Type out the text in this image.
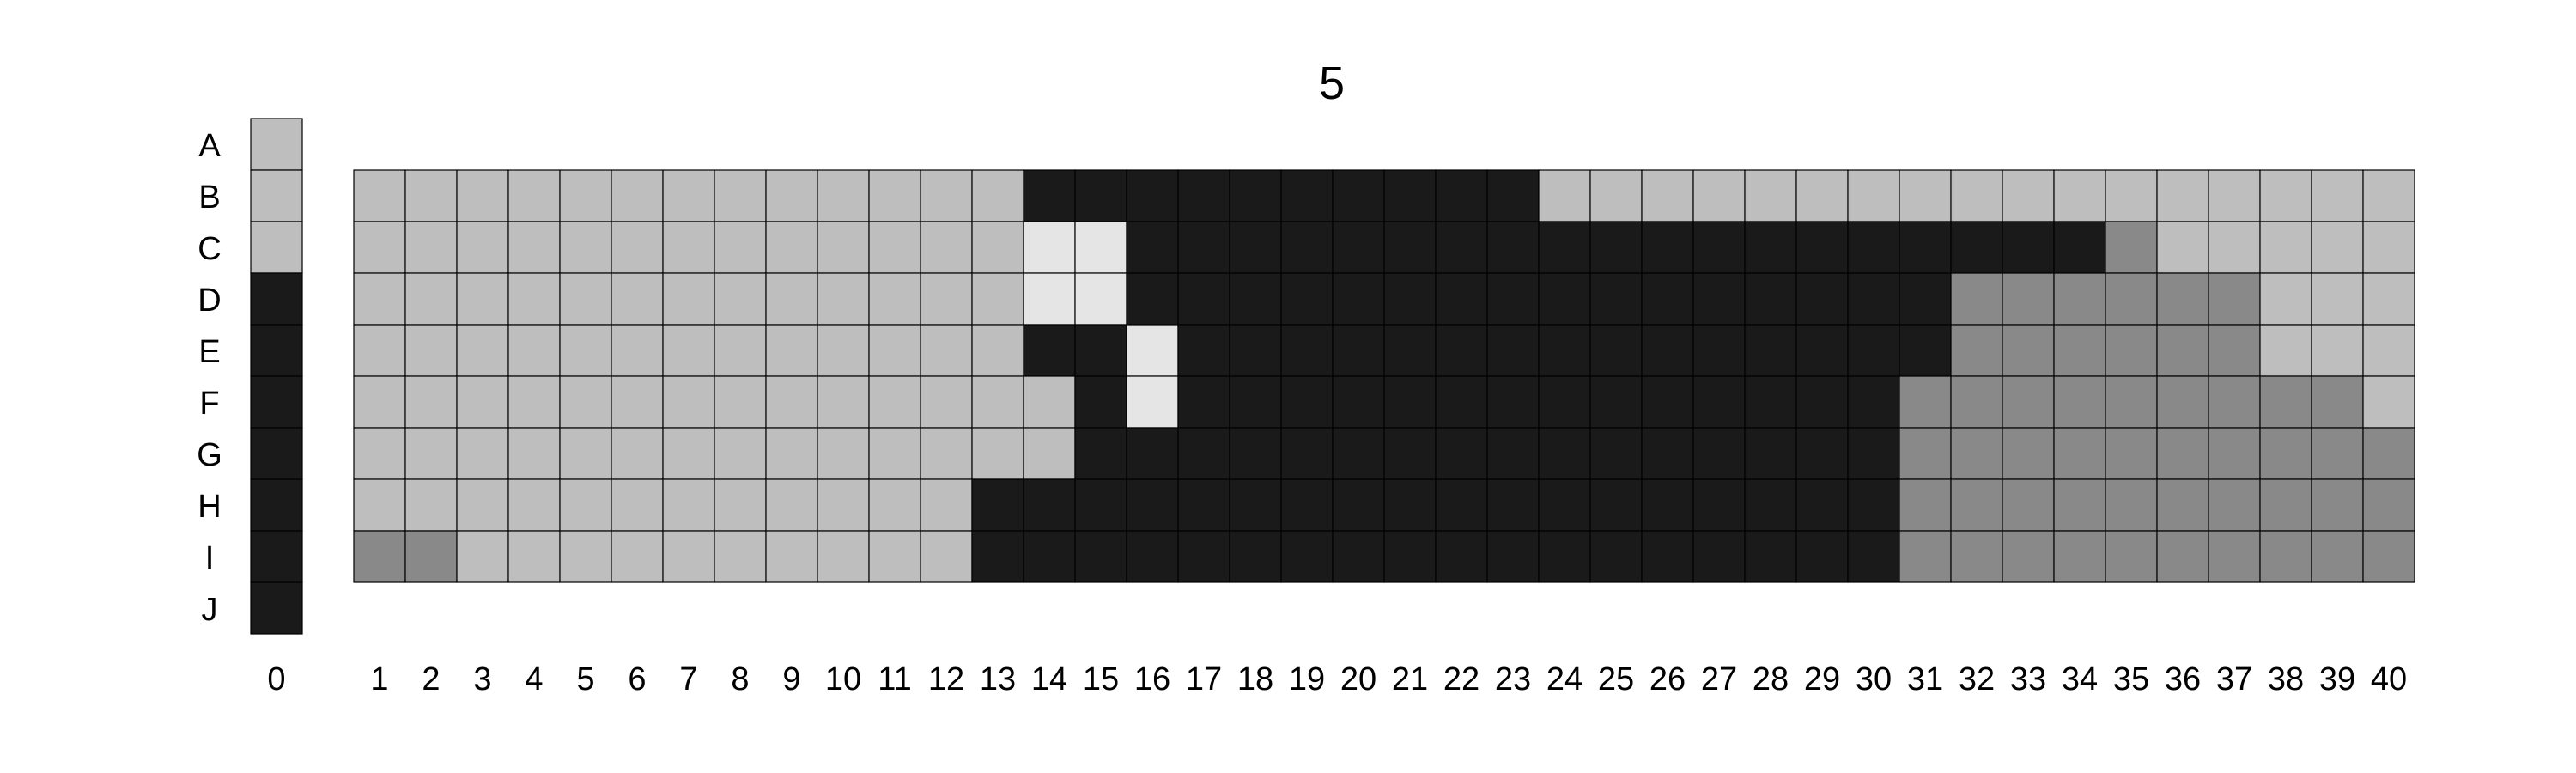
5
A
B
C
D
E
F
G
H
I
J
0	1 2 3 4 5 6 7 8 9 10 11 12 13 14 15 16 17 18 19 20 21 22 23 24 25 26 27 28 29 30 31 32 33 34 35 36 37 38 39 40
